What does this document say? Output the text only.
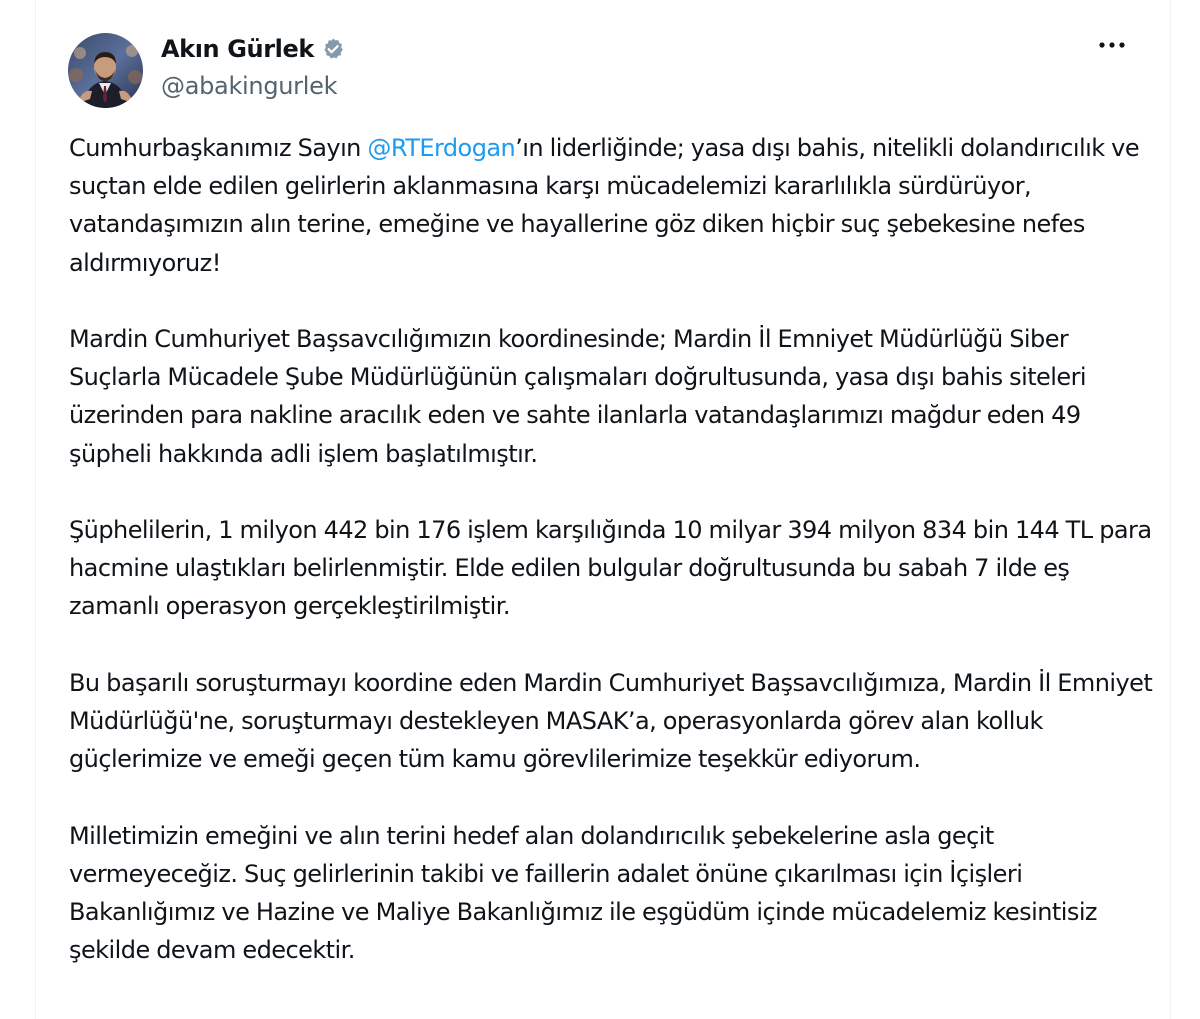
Akın Gürlek
@abakingurlek

Cumhurbaşkanımız Sayın @RTErdogan’ın liderliğinde; yasa dışı bahis, nitelikli dolandırıcılık ve suçtan elde edilen gelirlerin aklanmasına karşı mücadelemizi kararlılıkla sürdürüyor, vatandaşımızın alın terine, emeğine ve hayallerine göz diken hiçbir suç şebekesine nefes aldırmıyoruz!

Mardin Cumhuriyet Başsavcılığımızın koordinesinde; Mardin İl Emniyet Müdürlüğü Siber Suçlarla Mücadele Şube Müdürlüğünün çalışmaları doğrultusunda, yasa dışı bahis siteleri üzerinden para nakline aracılık eden ve sahte ilanlarla vatandaşlarımızı mağdur eden 49 şüpheli hakkında adli işlem başlatılmıştır.

Şüphelilerin, 1 milyon 442 bin 176 işlem karşılığında 10 milyar 394 milyon 834 bin 144 TL para hacmine ulaştıkları belirlenmiştir. Elde edilen bulgular doğrultusunda bu sabah 7 ilde eş zamanlı operasyon gerçekleştirilmiştir.

Bu başarılı soruşturmayı koordine eden Mardin Cumhuriyet Başsavcılığımıza, Mardin İl Emniyet Müdürlüğü'ne, soruşturmayı destekleyen MASAK’a, operasyonlarda görev alan kolluk güçlerimize ve emeği geçen tüm kamu görevlilerimize teşekkür ediyorum.

Milletimizin emeğini ve alın terini hedef alan dolandırıcılık şebekelerine asla geçit vermeyeceğiz. Suç gelirlerinin takibi ve faillerin adalet önüne çıkarılması için İçişleri Bakanlığımız ve Hazine ve Maliye Bakanlığımız ile eşgüdüm içinde mücadelemiz kesintisiz şekilde devam edecektir.
